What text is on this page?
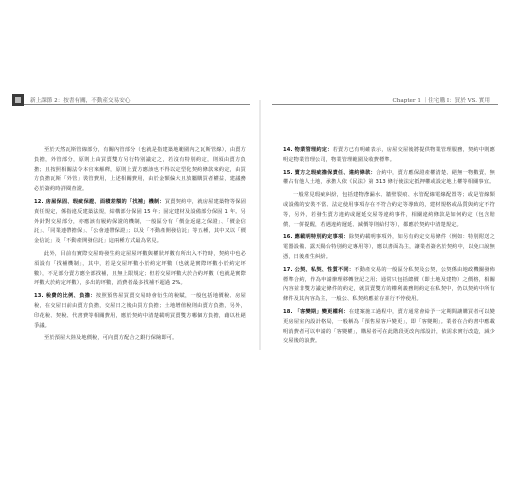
新上課節 2：按書有關，不動產交易安心	Chapter 1 ｜住宅購 I：買於 VS. 實用

至於天然瓦斯管線部分，有關內管部分（也就是指建築地範圍內之瓦斯管線），由賣方負擔，外管部分，原則上由買賣雙方另行特別議定之，若沒有特別約定，則須由賣方負擔；且按照相關法令本官來解釋，原則上賣方應該也不得以定型化契約條款來約定，由買方負擔瓦斯「外管」裝管費用，上述相關費用，由於金額偏大且放屬購買者權益，建議務必於簽約時詳閱查證。

12. 房屋保固、瑕疵保證、面積差額的「找補」機制：買賣契約中，就房屋建築物等保固責任規定，係指違反建築法規，結構部分保固 15 年；固定建材及設備部分保固 1 年。另外針對交屋部分，亦應該有履約保證的機制，一般區分有「價金返還之保證」、「價金信託」、「同業連帶擔保」、「公會連帶保證」；以及「不動產開發信託」等五種，其中又以「價金信託」及「不動產開發信託」這兩種方式最為常見。

此外，目前有實際交屋時發生約定屋屋坪數與權狀坪數有所出入不符時，契約中也必須設有「找補機制」，其中，若是交屋坪數小於約定坪數（也就是實際坪數小於約定坪數），不足部分賣方應全部找補，且無上限規定；但若交屋坪數大於合約坪數（也就是實際坪數大於約定坪數），多出的坪數，消費者最多找補不超過 2%。

13. 稅費的比例、負擔：按照預售屋買賣交易時會衍生的稅賦，一般包括地價稅、房屋稅，在交屋日前由賣方負擔，交屋日之後由買方負擔；土地增值稅則由賣方負擔，另外，印花稅、契稅、代書費等相關費用，應於契約中清楚載明買賣雙方哪個方負擔，藉以杜絕爭議。

至於預屋大陸及地價稅，可向賣方配合之銀行保險即可。

14. 物業管理約定：若賣方已有明確表示，房屋交屋後將提供物業管理服務，契約中則應明定物業管理公司，物業管理範圍及收費標準。

15. 賣方之瑕疵擔保責任、違約條款：合約中，賣方應保證產權清楚、絕無一物數賣，無權占有他人土地，承擔人依《民法》第 313 條行使法定抵押權或設定地上權等相關事宜。

一般常見瑕疵糾紛，包括建物滲漏水、牆壁裂痕、水管配線電線配置等；或是管線類或設備的安裝不當、法定使用事項存在不符合約定等導致的，建材規格或品質與約定不符等，另外，若發生賣方違約或遲延交屋等違約事件，相關違約條款是如何約定（包含賠償，一併提醒，若遇違約遲延、減價等則給付等），都應於契約中清楚規定。

16. 應載明特別約定事項：除契約載明事項外，如另有約定交易條件（例如：特別附送之電器設備、露天陽台特別約定專用等），應以書面為主，讓業者簽名於契約中，以免口說無憑，日後產生糾紛。

17. 公契、私契、性質不同：不動產交易的一般區分私契及公契，公契係由地政機關發佈標準合約，作為申請辦理移轉登記之用；通常只包括總價（即土地及建物）之價格，相關內容並非雙方議定條件的約定，就買賣雙方的權利義務則約定在私契中，仍以契約中所有條件及其內容為主，一般公、私契約應並存並行不悖使用。

18. 「客變期」變更權利：在建案施工過程中，賣方通常會給予一定期間讓購買者可以變更房屋室內設計格局，一般稱為「預售屋客戶變更」，即「客變期」。業者在合約書中應載明消費者可以申請的「客變權」，購屋者可在此階段更改內部設計，依需求實行改造，減少交屋後的浪費。
